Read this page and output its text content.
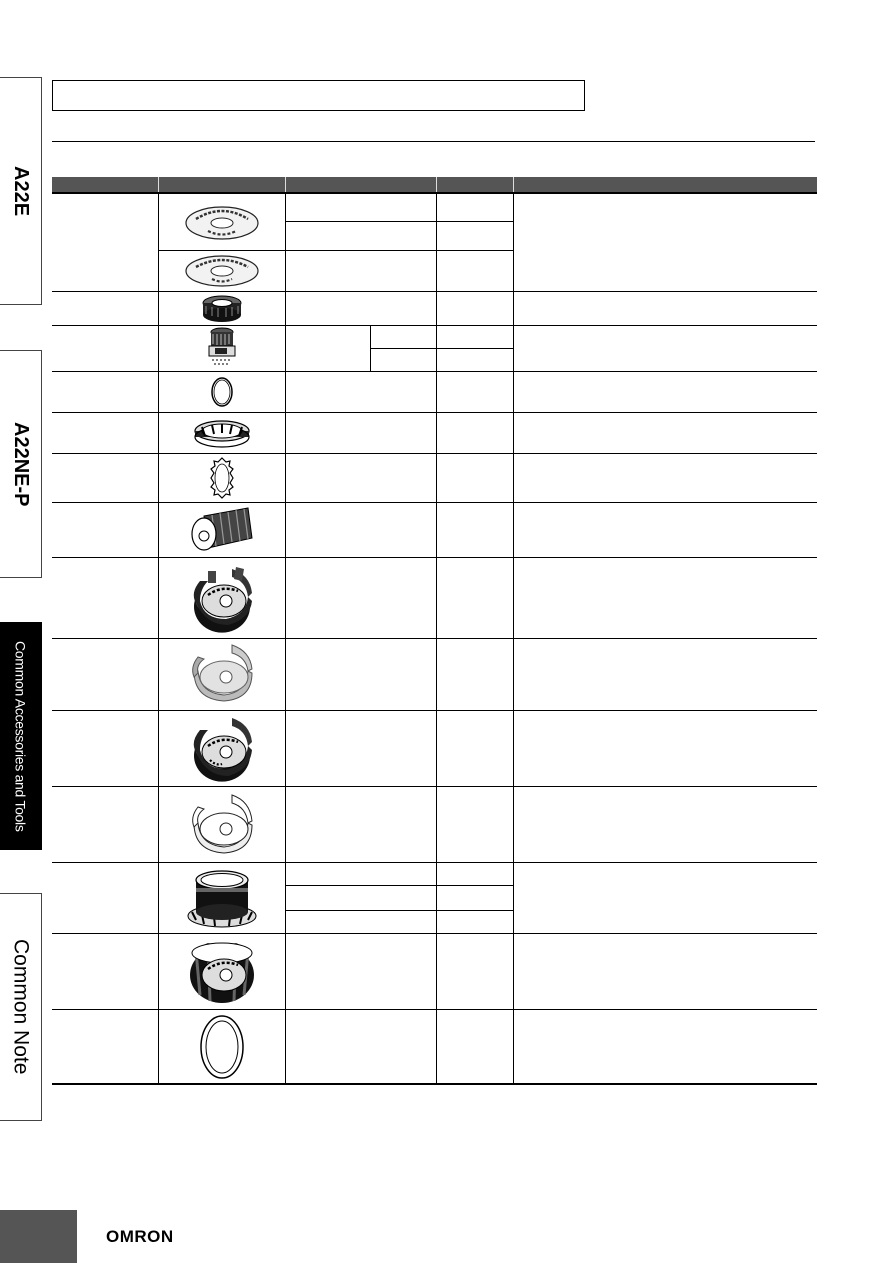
A22E
A22NE-P
Common Accessories and Tools
Common Note
OMRON
